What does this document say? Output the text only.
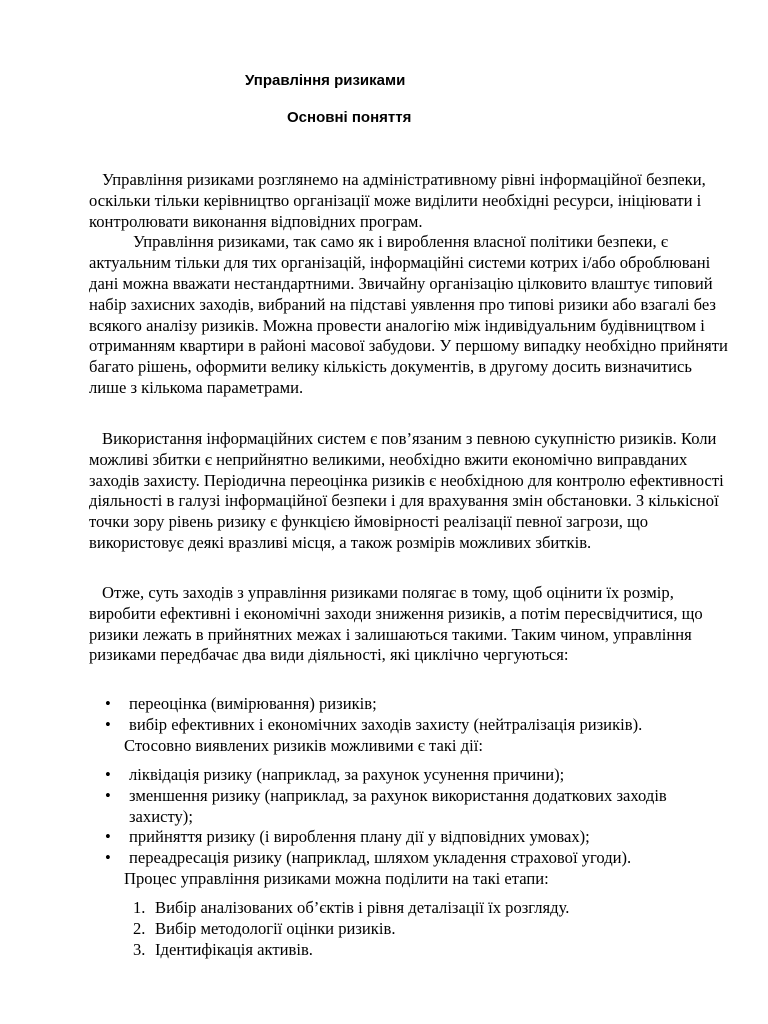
Управління ризиками
Основні поняття

Управління ризиками розглянемо на адміністративному рівні інформаційної безпеки, оскільки тільки керівництво організації може виділити необхідні ресурси, ініціювати і контролювати виконання відповідних програм.

Управління ризиками, так само як і вироблення власної політики безпеки, є актуальним тільки для тих організацій, інформаційні системи котрих і/або оброблювані дані можна вважати нестандартними. Звичайну організацію цілковито влаштує типовий набір захисних заходів, вибраний на підставі уявлення про типові ризики або взагалі без всякого аналізу ризиків. Можна провести аналогію між індивідуальним будівництвом і отриманням квартири в районі масової забудови. У першому випадку необхідно прийняти багато рішень, оформити велику кількість документів, в другому досить визначитись лише з кількома параметрами.

Використання інформаційних систем є пов’язаним з певною сукупністю ризиків. Коли можливі збитки є неприйнятно великими, необхідно вжити економічно виправданих заходів захисту. Періодична переоцінка ризиків є необхідною для контролю ефективності діяльності в галузі інформаційної безпеки і для врахування змін обстановки. З кількісної точки зору рівень ризику є функцією ймовірності реалізації певної загрози, що використовує деякі вразливі місця, а також розмірів можливих збитків.

Отже, суть заходів з управління ризиками полягає в тому, щоб оцінити їх розмір, виробити ефективні і економічні заходи зниження ризиків, а потім пересвідчитися, що ризики лежать в прийнятних межах і залишаються такими. Таким чином, управління ризиками передбачає два види діяльності, які циклічно чергуються:

• переоцінка (вимірювання) ризиків;
• вибір ефективних і економічних заходів захисту (нейтралізація ризиків).

Стосовно виявлених ризиків можливими є такі дії:

• ліквідація ризику (наприклад, за рахунок усунення причини);
• зменшення ризику (наприклад, за рахунок використання додаткових заходів захисту);
• прийняття ризику (і вироблення плану дії у відповідних умовах);
• переадресація ризику (наприклад, шляхом укладення страхової угоди).

Процес управління ризиками можна поділити на такі етапи:

1. Вибір аналізованих об’єктів і рівня деталізації їх розгляду.
2. Вибір методології оцінки ризиків.
3. Ідентифікація активів.
